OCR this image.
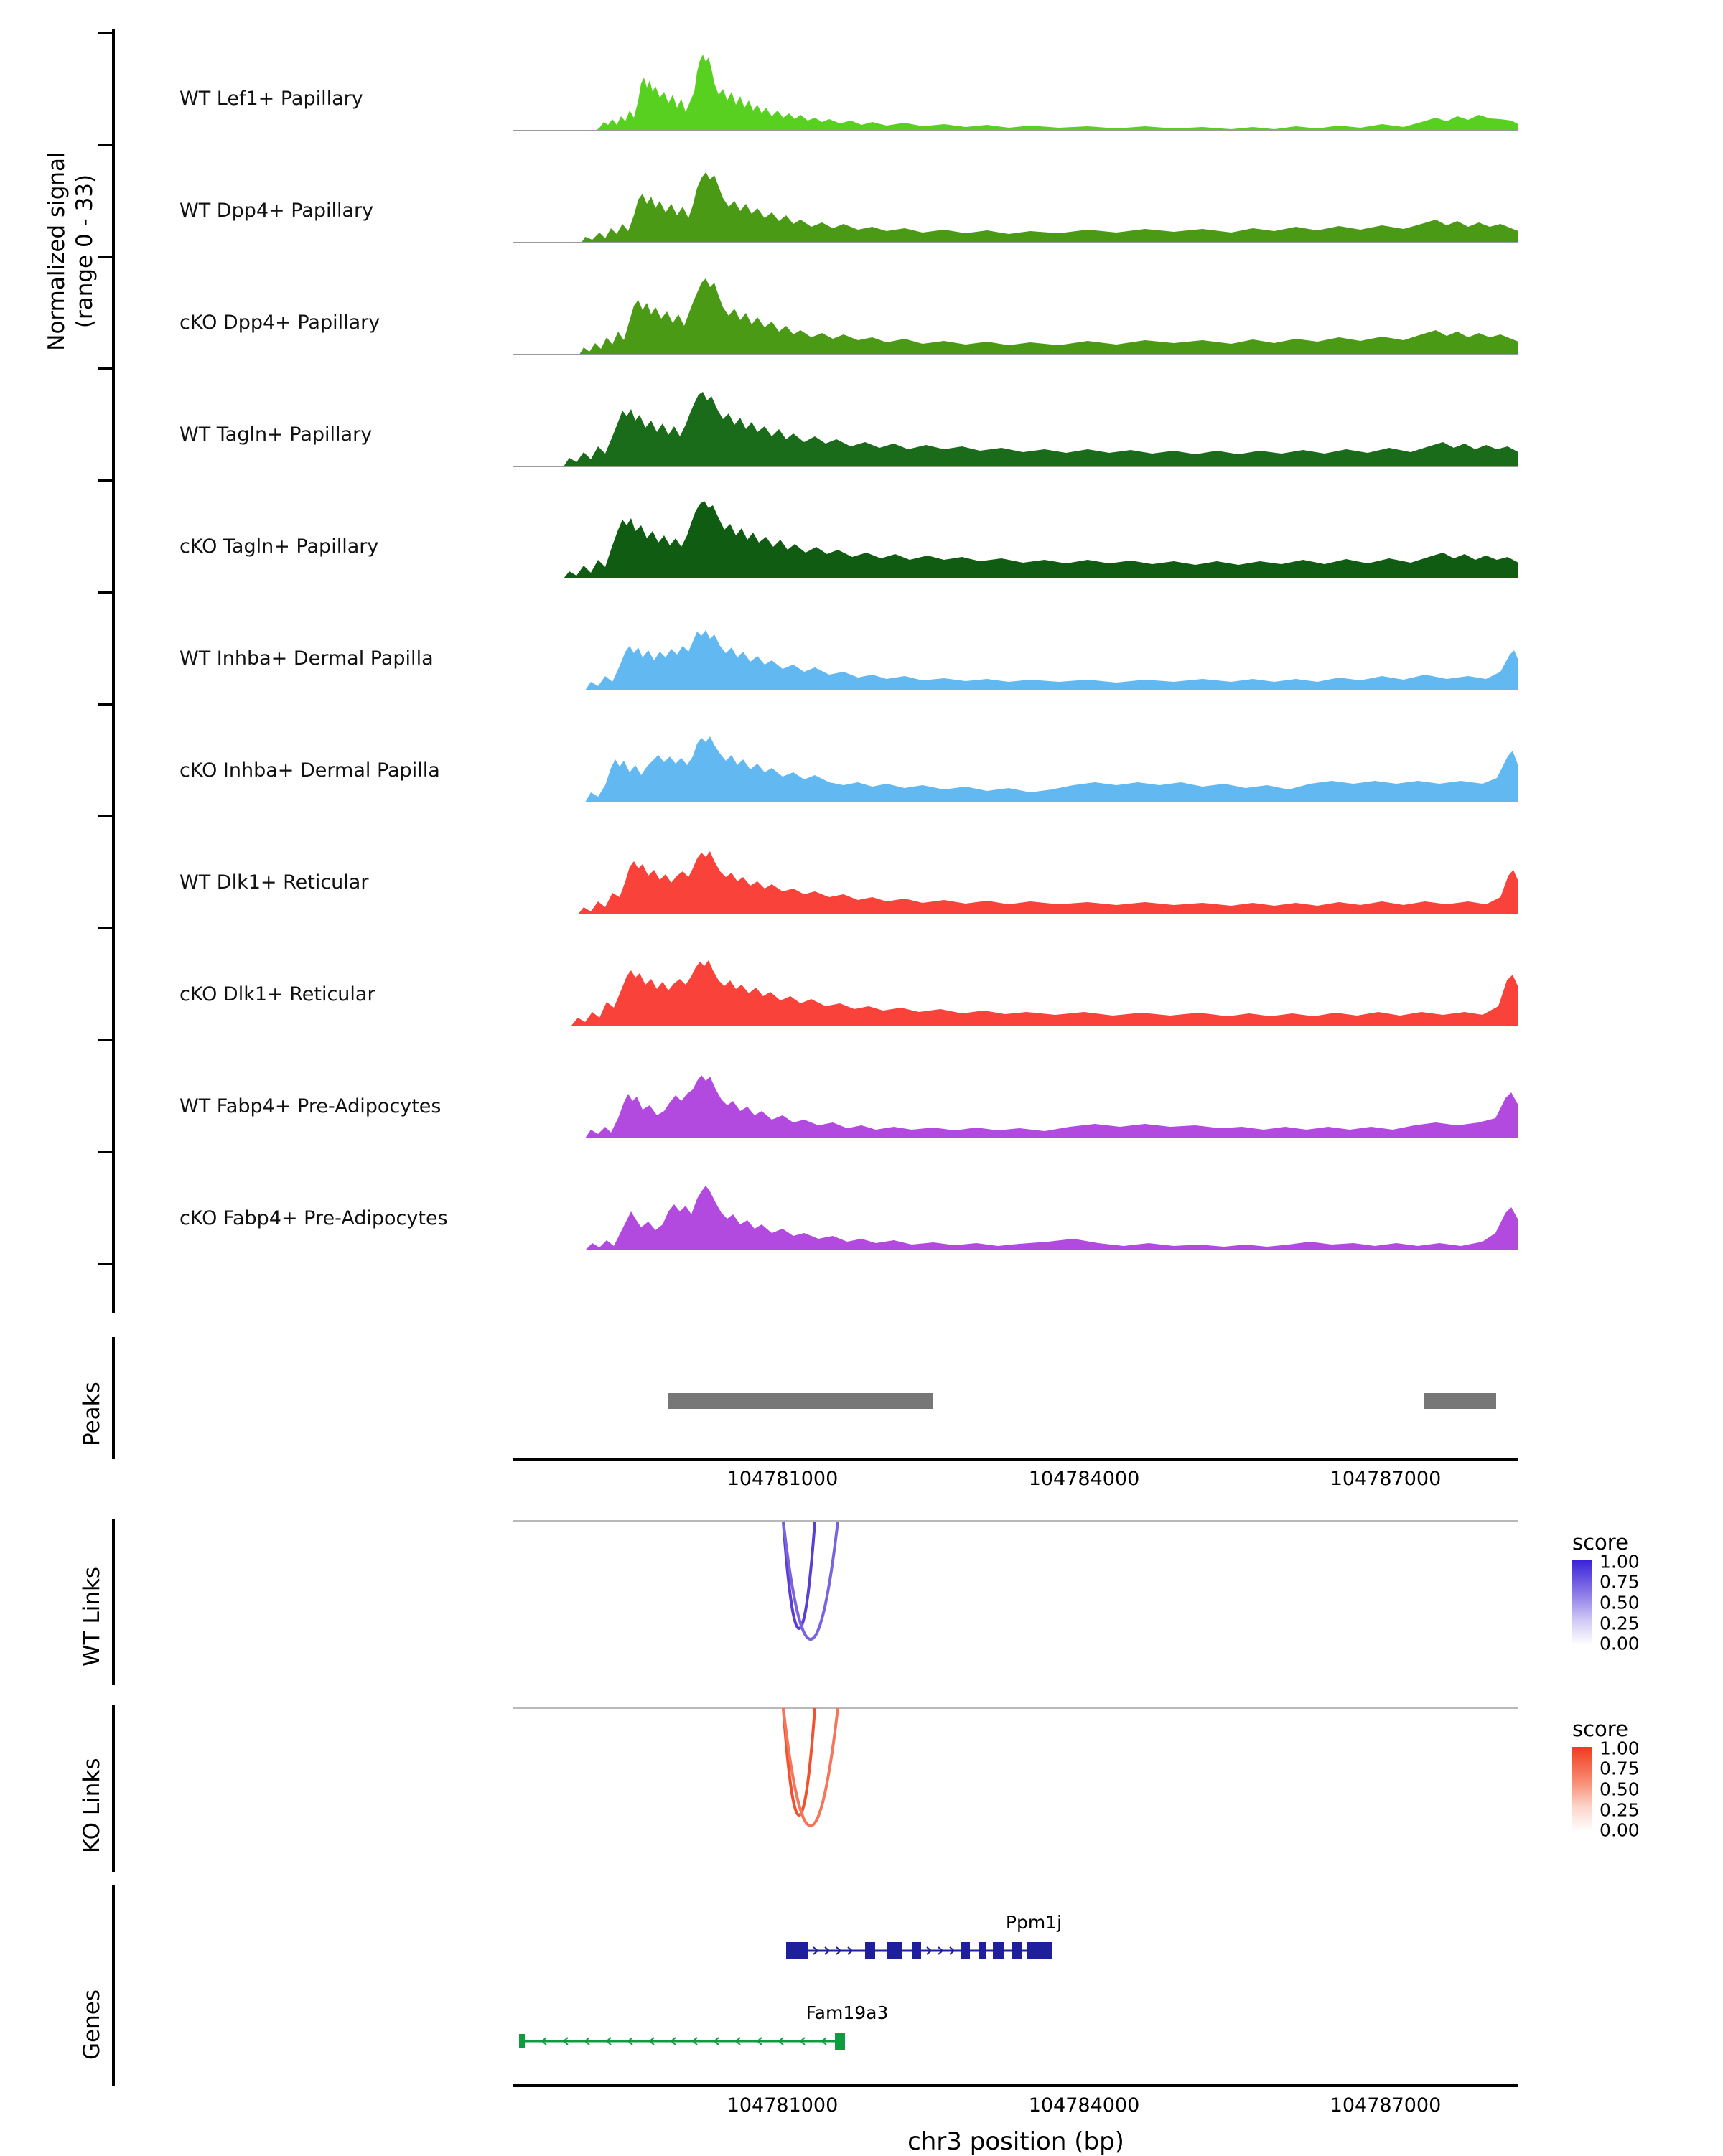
Normalized signal
(range 0 - 33)
WT Lef1+ Papillary
WT Dpp4+ Papillary
cKO Dpp4+ Papillary
WT Tagln+ Papillary
cKO Tagln+ Papillary
WT Inhba+ Dermal Papilla
cKO Inhba+ Dermal Papilla
WT Dlk1+ Reticular
cKO Dlk1+ Reticular
WT Fabp4+ Pre-Adipocytes
cKO Fabp4+ Pre-Adipocytes
Peaks
104781000	104784000	104787000
WT Links
score
1.00
0.75
0.50
0.25
0.00
KO Links
score
1.00
0.75
0.50
0.25
0.00
Genes
Ppm1j
Fam19a3
104781000	104784000	104787000
chr3 position (bp)
